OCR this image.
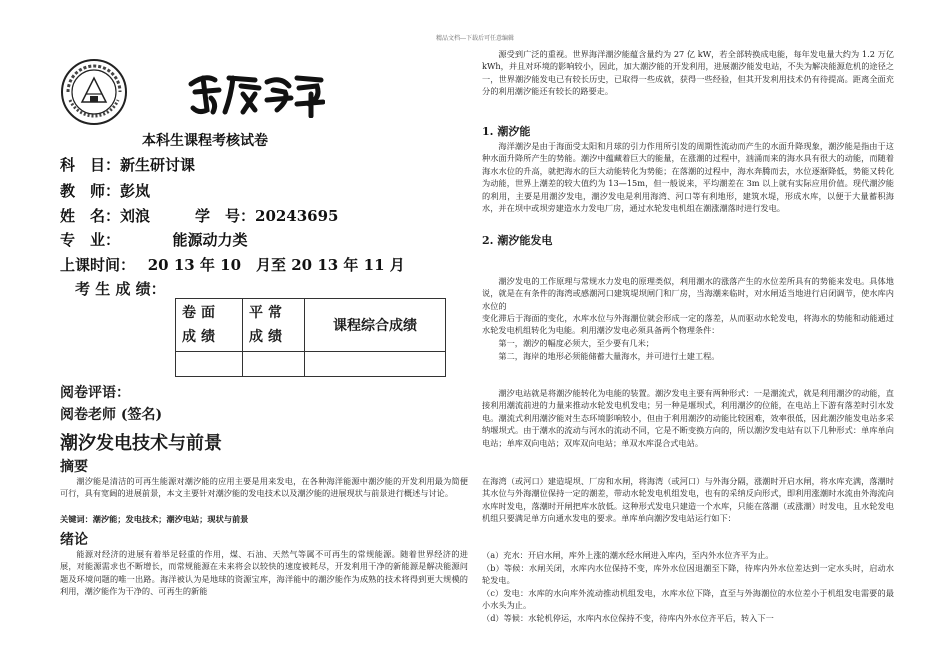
精品文档---下载后可任意编辑
本科生课程考核试卷
科　目：新生研讨课
教　师：彭岚
姓　名：刘浪　　　学　号：20243695
专　业：　　　　能源动力类
上课时间：　 20 13 年 10　月至 20 13 年 11 月
考 生 成 绩：
卷面成绩	平常成绩	课程综合成绩

阅卷评语：
阅卷老师 (签名)
潮汐发电技术与前景
摘要
潮汐能是清洁的可再生能源对潮汐能的应用主要是用来发电，在各种海洋能源中潮汐能的开发利用最为简便可行，具有宽阔的进展前景，本文主要针对潮汐能的发电技术以及潮汐能的进展现状与前景进行概述与讨论。
关键词：潮汐能；发电技术；潮汐电站；现状与前景
绪论
能源对经济的进展有着举足轻重的作用，煤、石油、天然气等属不可再生的常规能源。随着世界经济的进展，对能源需求也不断增长，而常规能源在未来将会以较快的速度被耗尽，开发利用干净的新能源是解决能源问题及环境问题的唯一出路。海洋被认为是地球的资源宝库，海洋能中的潮汐能作为成熟的技术将得到更大规模的利用，潮汐能作为干净的、可再生的新能
源受到广泛的重视。世界海洋潮汐能蕴含量约为 27 亿 kW，若全部转换成电能，每年发电量大约为 1.2 万亿 kWh，并且对环境的影响较小，因此，加大潮汐能的开发利用，进展潮汐能发电站，不失为解决能源危机的途径之一，世界潮汐能发电已有较长历史，已取得一些成就，获得一些经验，但其开发利用技术仍有待提高。距离全面充分的利用潮汐能还有较长的路要走。
1. 潮汐能
海洋潮汐是由于海面受太阳和月球的引力作用所引发的周期性流动而产生的水面升降现象，潮汐能是指由于这种水面升降所产生的势能。潮汐中蕴藏着巨大的能量，在涨潮的过程中，汹涌而来的海水具有很大的动能，而随着海水水位的升高，就把海水的巨大动能转化为势能；在落潮的过程中，海水奔腾而去，水位逐渐降低，势能又转化为动能，世界上潮差的较大值约为 13—15m，但一般说来，平均潮差在 3m 以上就有实际应用价值。现代潮汐能的利用，主要是用潮汐发电，潮汐发电是利用海湾、河口等有利地形，建筑水堤，形成水库，以便于大量蓄积海水，并在坝中或坝旁建造水力发电厂房，通过水轮发电机组在潮涨潮落时进行发电。
2. 潮汐能发电
潮汐发电的工作原理与常规水力发电的原理类似，利用潮水的涨落产生的水位差所具有的势能来发电。具体地说，就是在有条件的海湾或感潮河口建筑堤坝闸门和厂房，当海潮来临时，对水闸适当地进行启闭调节，使水库内水位的
变化滞后于海面的变化，水库水位与外海潮位就会形成一定的落差，从而驱动水轮发电，将海水的势能和动能通过水轮发电机组转化为电能。利用潮汐发电必须具备两个物理条件：
第一，潮汐的幅度必须大，至少要有几米；
第二，海岸的地形必须能储蓄大量海水，并可进行土建工程。
潮汐电站就是将潮汐能转化为电能的装置。潮汐发电主要有两种形式：一是潮流式，就是利用潮汐的动能，直接利用潮流前进的力量来推动水轮发电机发电；另一种是堰坝式，利用潮汐的位能，在电站上下游有落差时引水发电。潮流式利用潮汐能对生态环境影响较小，但由于利用潮汐的动能比较困难，效率很低，因此潮汐能发电站多采纳堰坝式。由于潮水的流动与河水的流动不同，它是不断变换方向的，所以潮汐发电站有以下几种形式：单库单向电站；单库双向电站；双库双向电站；单双水库混合式电站。
在海湾（或河口）建造堤坝、厂房和水闸，将海湾（或河口）与外海分隔，涨潮时开启水闸，将水库充满，落潮时其水位与外海潮位保持一定的潮差，带动水轮发电机组发电，也有的采纳反向形式，即利用涨潮时水流由外海流向水库时发电，落潮时开闸把库水放低。这种形式发电只建造一个水库，只能在落潮（或涨潮）时发电，且水轮发电机组只要满足单方向通水发电的要求。单库单向潮汐发电站运行如下：
（a）充水：开启水闸，库外上涨的潮水经水闸进入库内，至内外水位齐平为止。
（b）等候：水闸关闭，水库内水位保持不变，库外水位因退潮至下降，待库内外水位差达到一定水头时，启动水轮发电。
（c）发电：水库的水向库外流动推动机组发电，水库水位下降，直至与外海潮位的水位差小于机组发电需要的最小水头为止。
（d）等候：水轮机停运，水库内水位保持不变，待库内外水位齐平后，转入下一
